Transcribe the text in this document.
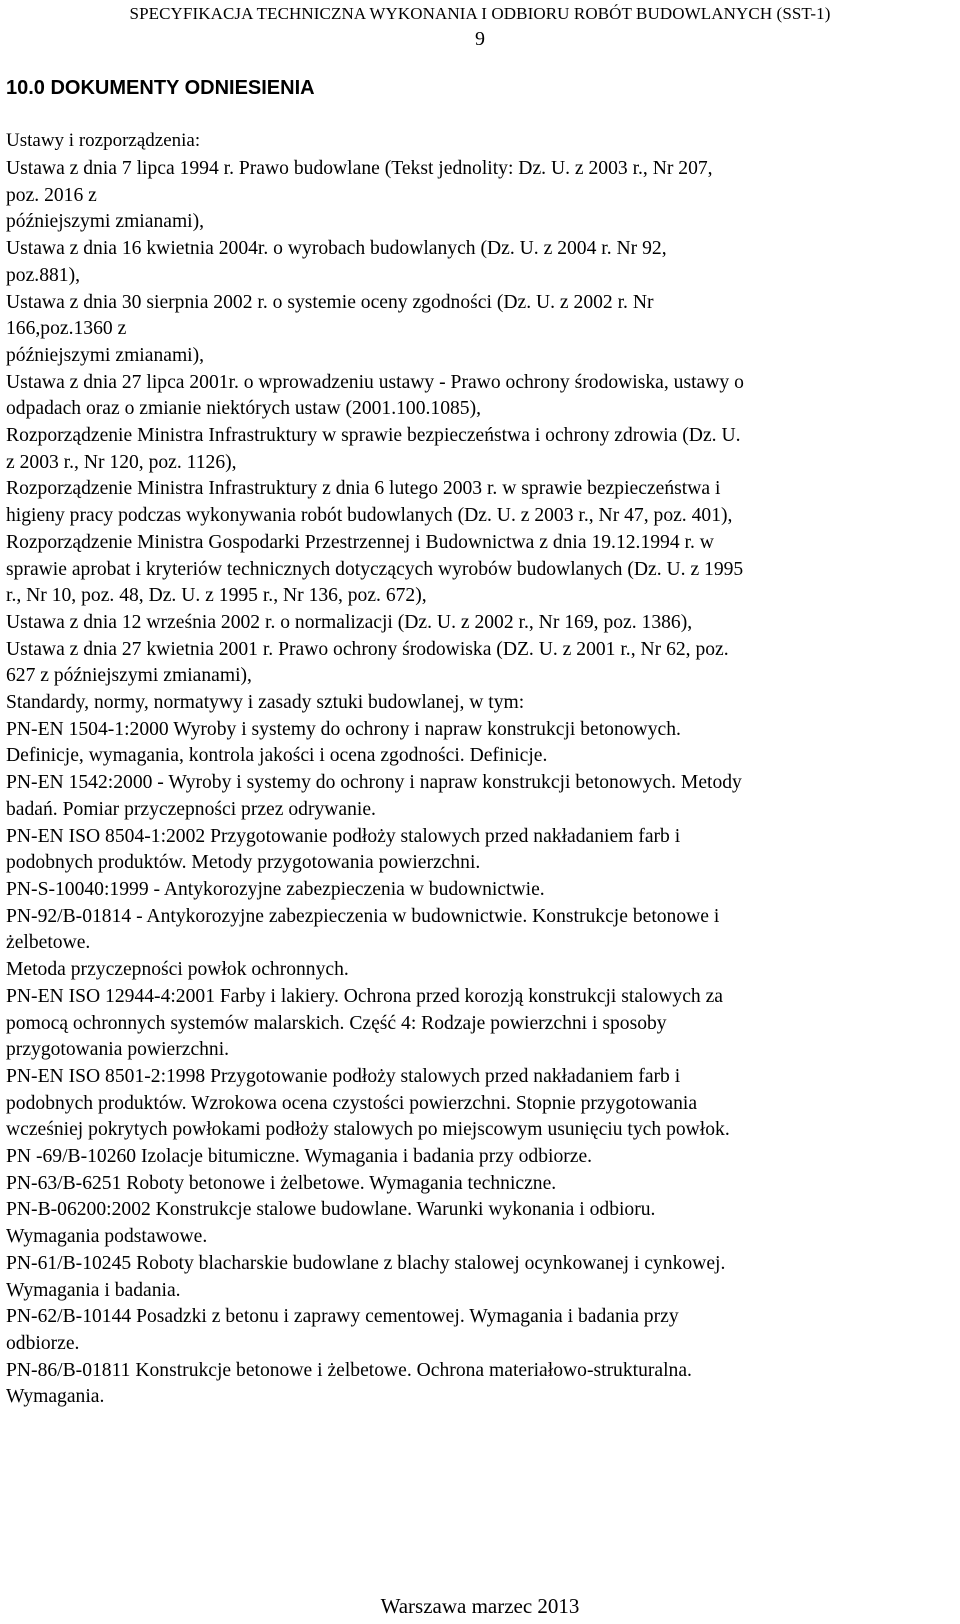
SPECYFIKACJA TECHNICZNA WYKONANIA I ODBIORU ROBÓT BUDOWLANYCH (SST-1)
9
10.0 DOKUMENTY ODNIESIENIA
Ustawy i rozporządzenia:
Ustawa z dnia 7 lipca 1994 r. Prawo budowlane (Tekst jednolity: Dz. U. z 2003 r., Nr 207,
poz. 2016 z
późniejszymi zmianami),
Ustawa z dnia 16 kwietnia 2004r. o wyrobach budowlanych (Dz. U. z 2004 r. Nr 92,
poz.881),
Ustawa z dnia 30 sierpnia 2002 r. o systemie oceny zgodności (Dz. U. z 2002 r. Nr
166,poz.1360 z
późniejszymi zmianami),
Ustawa z dnia 27 lipca 2001r. o wprowadzeniu ustawy - Prawo ochrony środowiska, ustawy o
odpadach oraz o zmianie niektórych ustaw (2001.100.1085),
Rozporządzenie Ministra Infrastruktury w sprawie bezpieczeństwa i ochrony zdrowia (Dz. U.
z 2003 r., Nr 120, poz. 1126),
Rozporządzenie Ministra Infrastruktury z dnia 6 lutego 2003 r. w sprawie bezpieczeństwa i
higieny pracy podczas wykonywania robót budowlanych (Dz. U. z 2003 r., Nr 47, poz. 401),
Rozporządzenie Ministra Gospodarki Przestrzennej i Budownictwa z dnia 19.12.1994 r. w
sprawie aprobat i kryteriów technicznych dotyczących wyrobów budowlanych (Dz. U. z 1995
r., Nr 10, poz. 48, Dz. U. z 1995 r., Nr 136, poz. 672),
Ustawa z dnia 12 września 2002 r. o normalizacji (Dz. U. z 2002 r., Nr 169, poz. 1386),
Ustawa z dnia 27 kwietnia 2001 r. Prawo ochrony środowiska (DZ. U. z 2001 r., Nr 62, poz.
627 z późniejszymi zmianami),
Standardy, normy, normatywy i zasady sztuki budowlanej, w tym:
PN-EN 1504-1:2000 Wyroby i systemy do ochrony i napraw konstrukcji betonowych.
Definicje, wymagania, kontrola jakości i ocena zgodności. Definicje.
PN-EN 1542:2000 - Wyroby i systemy do ochrony i napraw konstrukcji betonowych. Metody
badań. Pomiar przyczepności przez odrywanie.
PN-EN ISO 8504-1:2002 Przygotowanie podłoży stalowych przed nakładaniem farb i
podobnych produktów. Metody przygotowania powierzchni.
PN-S-10040:1999 - Antykorozyjne zabezpieczenia w budownictwie.
PN-92/B-01814 - Antykorozyjne zabezpieczenia w budownictwie. Konstrukcje betonowe i
żelbetowe.
Metoda przyczepności powłok ochronnych.
PN-EN ISO 12944-4:2001 Farby i lakiery. Ochrona przed korozją konstrukcji stalowych za
pomocą ochronnych systemów malarskich. Część 4: Rodzaje powierzchni i sposoby
przygotowania powierzchni.
PN-EN ISO 8501-2:1998 Przygotowanie podłoży stalowych przed nakładaniem farb i
podobnych produktów. Wzrokowa ocena czystości powierzchni. Stopnie przygotowania
wcześniej pokrytych powłokami podłoży stalowych po miejscowym usunięciu tych powłok.
PN -69/B-10260 Izolacje bitumiczne. Wymagania i badania przy odbiorze.
PN-63/B-6251 Roboty betonowe i żelbetowe. Wymagania techniczne.
PN-B-06200:2002 Konstrukcje stalowe budowlane. Warunki wykonania i odbioru.
Wymagania podstawowe.
PN-61/B-10245 Roboty blacharskie budowlane z blachy stalowej ocynkowanej i cynkowej.
Wymagania i badania.
PN-62/B-10144 Posadzki z betonu i zaprawy cementowej. Wymagania i badania przy
odbiorze.
PN-86/B-01811 Konstrukcje betonowe i żelbetowe. Ochrona materiałowo-strukturalna.
Wymagania.
Warszawa marzec 2013
